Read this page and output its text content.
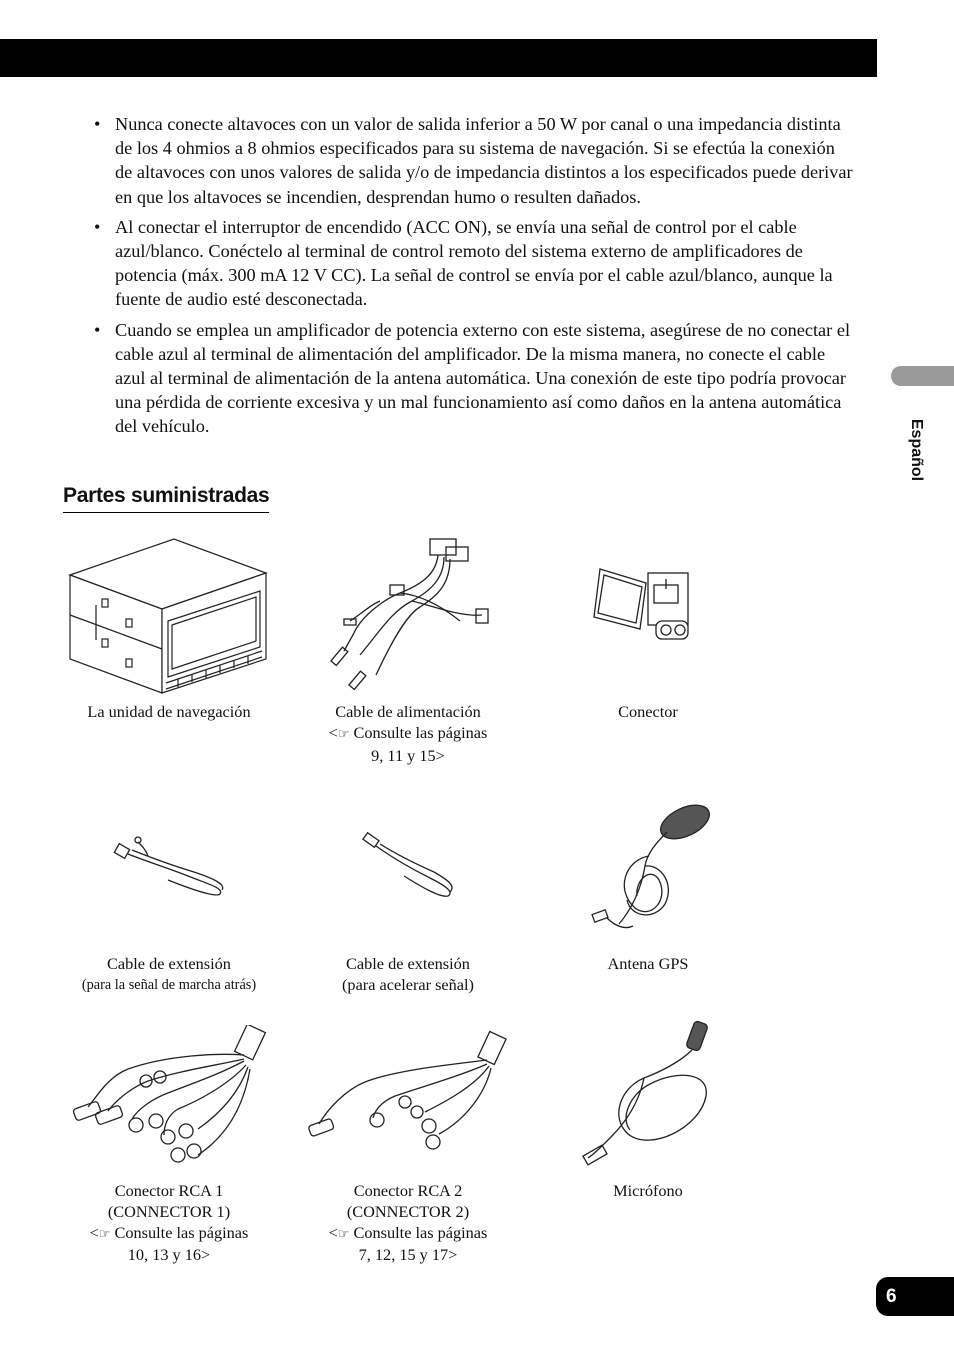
• Nunca conecte altavoces con un valor de salida inferior a 50 W por canal o una impedancia distinta de los 4 ohmios a 8 ohmios especificados para su sistema de navegación. Si se efectúa la conexión de altavoces con unos valores de salida y/o de impedancia distintos a los especificados puede derivar en que los altavoces se incendien, desprendan humo o resulten dañados.
• Al conectar el interruptor de encendido (ACC ON), se envía una señal de control por el cable azul/blanco. Conéctelo al terminal de control remoto del sistema externo de amplificadores de potencia (máx. 300 mA 12 V CC). La señal de control se envía por el cable azul/blanco, aunque la fuente de audio esté desconectada.
• Cuando se emplea un amplificador de potencia externo con este sistema, asegúrese de no conectar el cable azul al terminal de alimentación del amplificador. De la misma manera, no conecte el cable azul al terminal de alimentación de la antena automática. Una conexión de este tipo podría provocar una pérdida de corriente excesiva y un mal funcionamiento así como daños en la antena automática del vehículo.
Partes suministradas
Español
6
La unidad de navegación	Cable de alimentación
<☞ Consulte las páginas
9, 11 y 15>
Conector
Cable de extensión
(para la señal de marcha atrás)
Cable de extensión
(para acelerar señal)
Antena GPS
Conector RCA 1
(CONNECTOR 1)
<☞ Consulte las páginas
10, 13 y 16>
Conector RCA 2
(CONNECTOR 2)
<☞ Consulte las páginas
7, 12, 15 y 17>
Micrófono
